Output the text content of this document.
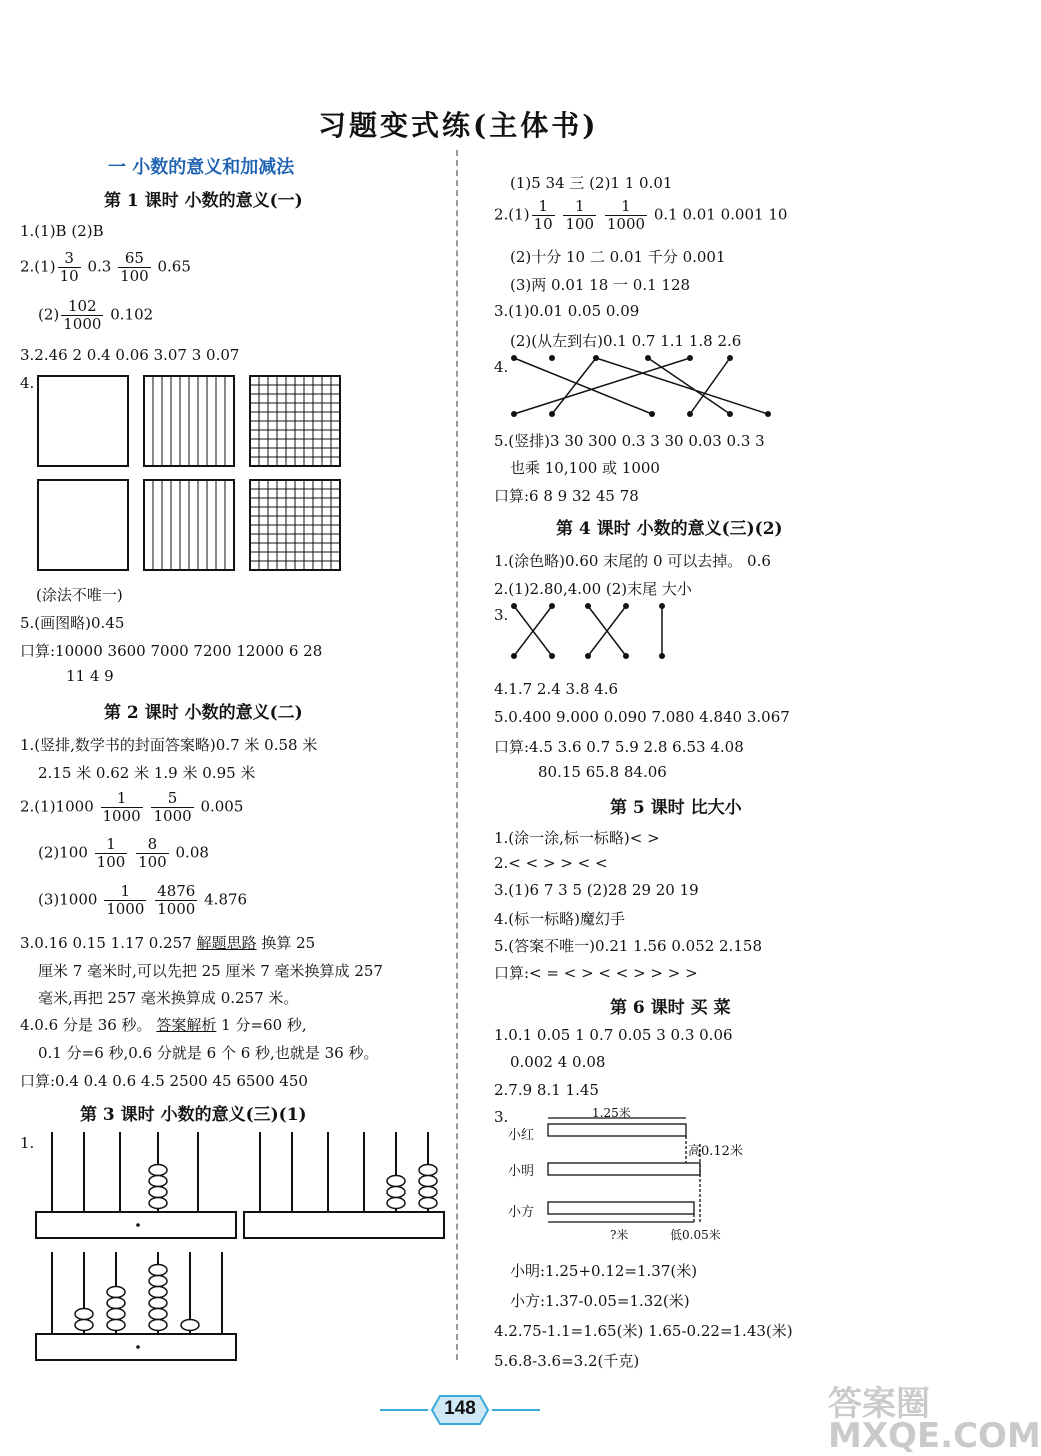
习题变式练(主体书)
一 小数的意义和加减法
第 1 课时 小数的意义(一)
1.(1)B (2)B
$2.(1) \frac{3}{10} 0.3 \frac{65}{100} 0.65$
$(2) \frac{102}{1000} 0.102$
3.2.46 2 0.4 0.06 3.07 3 0.07
4.
(涂法不唯一)
5.(画图略)0.45
口算:10000 3600 7000 7200 12000 6 28
11 4 9
第 2 课时 小数的意义(二)
1.(竖排,数学书的封面答案略)0.7 米 0.58 米
2.15 米 0.62 米 1.9 米 0.95 米
$2.(1)1000 \frac{1}{1000}$
$\frac{5}{1000} 0.005$
$(2)100 \frac{1}{100}$
$\frac{8}{100} 0.08$
$(3)1000 \frac{1}{1000}$
$\frac{4876}{1000} 4.876$
3.0.16 0.15 1.17 0.257 解题思路 换算 25
厘米 7 毫米时,可以先把 25 厘米 7 毫米换算成 257
毫米,再把 257 毫米换算成 0.257 米。
4.0.6 分是 36 秒。 答案解析 1 分=60 秒,
0.1 分=6 秒,0.6 分就是 6 个 6 秒,也就是 36 秒。
口算:0.4 0.4 0.6 4.5 2500 45 6500 450
第 3 课时 小数的意义(三)(1)
1.
(1)5 34 三 (2)1 1 0.01
$2.(1) \frac{1}{10}$
$\frac{1}{100}$
$\frac{1}{1000} 0.1$ 0.01 0.001 10
(2)十分 10 二 0.01 千分 0.001
(3)两 0.01 18 一 0.1 128
3.(1)0.01 0.05 0.09
(2)(从左到右)0.1 0.7 1.1 1.8 2.6
4.
5.(竖排)3 30 300 0.3 3 30 0.03 0.3 3
也乘 10,100 或 1000
口算:6 8 9 32 45 78
第 4 课时 小数的意义(三)(2)
1.(涂色略)0.60 末尾的 0 可以去掉。 0.6
2.(1)2.80,4.00 (2)末尾 大小
3.
4.1.7 2.4 3.8 4.6
5.0.400 9.000 0.090 7.080 4.840 3.067
口算:4.5 3.6 0.7 5.9 2.8 6.53 4.08
80.15 65.8 84.06
第 5 课时 比大小
1.(涂一涂,标一标略)< >
2.< < > > < <
3.(1)6 7 3 5 (2)28 29 20 19
4.(标一标略)魔幻手
5.(答案不唯一)0.21 1.56 0.052 2.158
口算:< = < > < < > > > >
第 6 课时 买 菜
1.0.1 0.05 1 0.7 0.05 3 0.3 0.06
0.002 4 0.08
2.7.9 8.1 1.45
3.	1.25米
小红
小明
小方
高0.12米
?米	低0.05米
小明:1.25+0.12=1.37(米)
小方:1.37-0.05=1.32(米)
4.2.75-1.1=1.65(米) 1.65-0.22=1.43(米)
5.6.8-3.6=3.2(千克)
148	答案圈 MXQE.COM
